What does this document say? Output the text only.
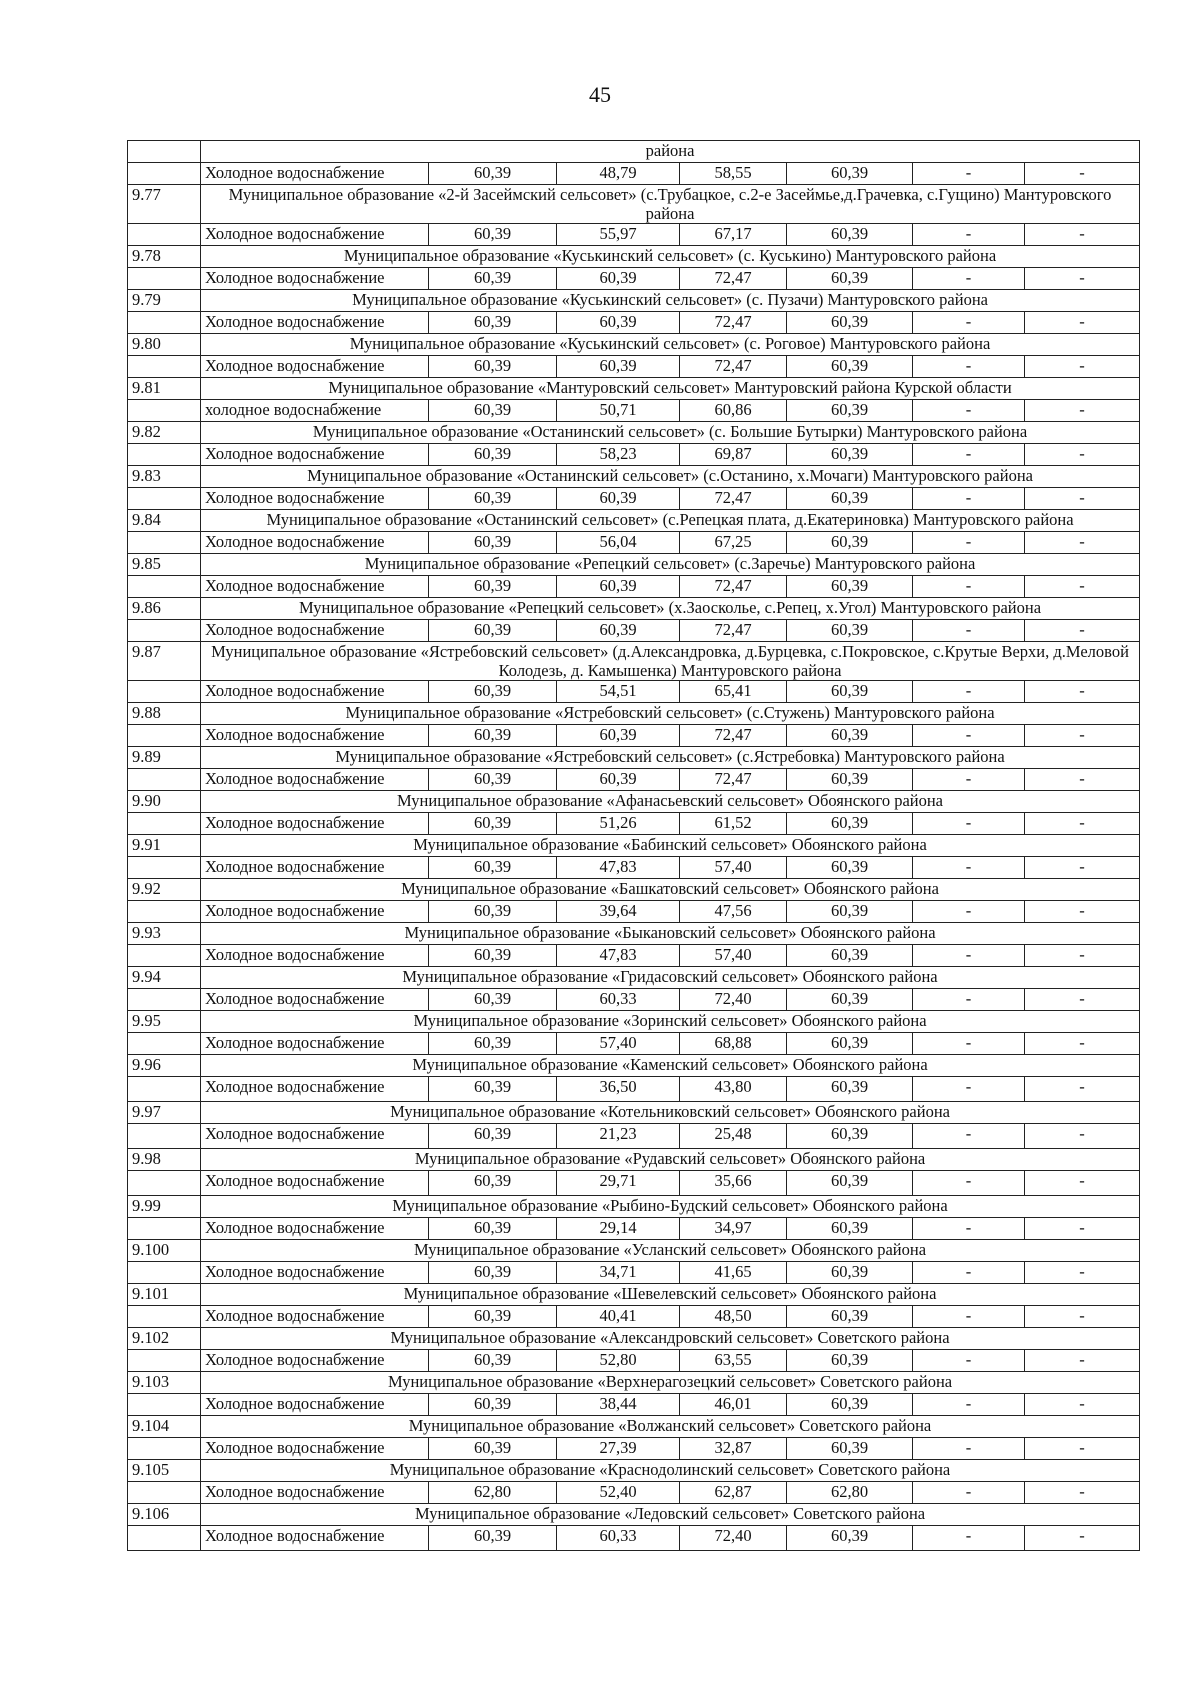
45
	района						
	Холодное водоснабжение	60,39	48,79	58,55	60,39	-	-
9.77	Муниципальное образование «2-й Засеймский сельсовет» (с.Трубацкое, с.2-е Засеймье,д.Грачевка, с.Гущино) Мантуровского района						
	Холодное водоснабжение	60,39	55,97	67,17	60,39	-	-
9.78	Муниципальное образование «Куськинский сельсовет» (с. Куськино) Мантуровского района						
	Холодное водоснабжение	60,39	60,39	72,47	60,39	-	-
9.79	Муниципальное образование «Куськинский сельсовет» (с. Пузачи) Мантуровского района						
	Холодное водоснабжение	60,39	60,39	72,47	60,39	-	-
9.80	Муниципальное образование «Куськинский сельсовет» (с. Роговое) Мантуровского района						
	Холодное водоснабжение	60,39	60,39	72,47	60,39	-	-
9.81	Муниципальное образование «Мантуровский сельсовет» Мантуровский района Курской области						
	холодное водоснабжение	60,39	50,71	60,86	60,39	-	-
9.82	Муниципальное образование «Останинский сельсовет» (с. Большие Бутырки) Мантуровского района						
	Холодное водоснабжение	60,39	58,23	69,87	60,39	-	-
9.83	Муниципальное образование «Останинский сельсовет» (с.Останино, х.Мочаги) Мантуровского района						
	Холодное водоснабжение	60,39	60,39	72,47	60,39	-	-
9.84	Муниципальное образование «Останинский сельсовет» (с.Репецкая плата, д.Екатериновка) Мантуровского района						
	Холодное водоснабжение	60,39	56,04	67,25	60,39	-	-
9.85	Муниципальное образование «Репецкий сельсовет» (с.Заречье) Мантуровского района						
	Холодное водоснабжение	60,39	60,39	72,47	60,39	-	-
9.86	Муниципальное образование «Репецкий сельсовет» (х.Заосколье, с.Репец, х.Угол) Мантуровского района						
	Холодное водоснабжение	60,39	60,39	72,47	60,39	-	-
9.87	Муниципальное образование «Ястребовский сельсовет» (д.Александровка, д.Бурцевка, с.Покровское, с.Крутые Верхи, д.Меловой Колодезь, д. Камышенка) Мантуровского района						
	Холодное водоснабжение	60,39	54,51	65,41	60,39	-	-
9.88	Муниципальное образование «Ястребовский сельсовет» (с.Стужень) Мантуровского района						
	Холодное водоснабжение	60,39	60,39	72,47	60,39	-	-
9.89	Муниципальное образование «Ястребовский сельсовет» (с.Ястребовка) Мантуровского района						
	Холодное водоснабжение	60,39	60,39	72,47	60,39	-	-
9.90	Муниципальное образование «Афанасьевский сельсовет» Обоянского района						
	Холодное водоснабжение	60,39	51,26	61,52	60,39	-	-
9.91	Муниципальное образование «Бабинский сельсовет» Обоянского района						
	Холодное водоснабжение	60,39	47,83	57,40	60,39	-	-
9.92	Муниципальное образование «Башкатовский сельсовет» Обоянского района						
	Холодное водоснабжение	60,39	39,64	47,56	60,39	-	-
9.93	Муниципальное образование «Быкановский сельсовет» Обоянского района						
	Холодное водоснабжение	60,39	47,83	57,40	60,39	-	-
9.94	Муниципальное образование «Гридасовский сельсовет» Обоянского района						
	Холодное водоснабжение	60,39	60,33	72,40	60,39	-	-
9.95	Муниципальное образование «Зоринский сельсовет» Обоянского района						
	Холодное водоснабжение	60,39	57,40	68,88	60,39	-	-
9.96	Муниципальное образование «Каменский сельсовет» Обоянского района						
	Холодное водоснабжение	60,39	36,50	43,80	60,39	-	-
9.97	Муниципальное образование «Котельниковский сельсовет» Обоянского района						
	Холодное водоснабжение	60,39	21,23	25,48	60,39	-	-
9.98	Муниципальное образование «Рудавский сельсовет» Обоянского района						
	Холодное водоснабжение	60,39	29,71	35,66	60,39	-	-
9.99	Муниципальное образование «Рыбино-Будский сельсовет» Обоянского района						
	Холодное водоснабжение	60,39	29,14	34,97	60,39	-	-
9.100	Муниципальное образование «Усланский сельсовет» Обоянского района						
	Холодное водоснабжение	60,39	34,71	41,65	60,39	-	-
9.101	Муниципальное образование «Шевелевский сельсовет» Обоянского района						
	Холодное водоснабжение	60,39	40,41	48,50	60,39	-	-
9.102	Муниципальное образование «Александровский сельсовет» Советского района						
	Холодное водоснабжение	60,39	52,80	63,55	60,39	-	-
9.103	Муниципальное образование «Верхнерагозецкий сельсовет» Советского района						
	Холодное водоснабжение	60,39	38,44	46,01	60,39	-	-
9.104	Муниципальное образование «Волжанский сельсовет» Советского района						
	Холодное водоснабжение	60,39	27,39	32,87	60,39	-	-
9.105	Муниципальное образование «Краснодолинский сельсовет» Советского района						
	Холодное водоснабжение	62,80	52,40	62,87	62,80	-	-
9.106	Муниципальное образование «Ледовский сельсовет» Советского района						
	Холодное водоснабжение	60,39	60,33	72,40	60,39	-	-
